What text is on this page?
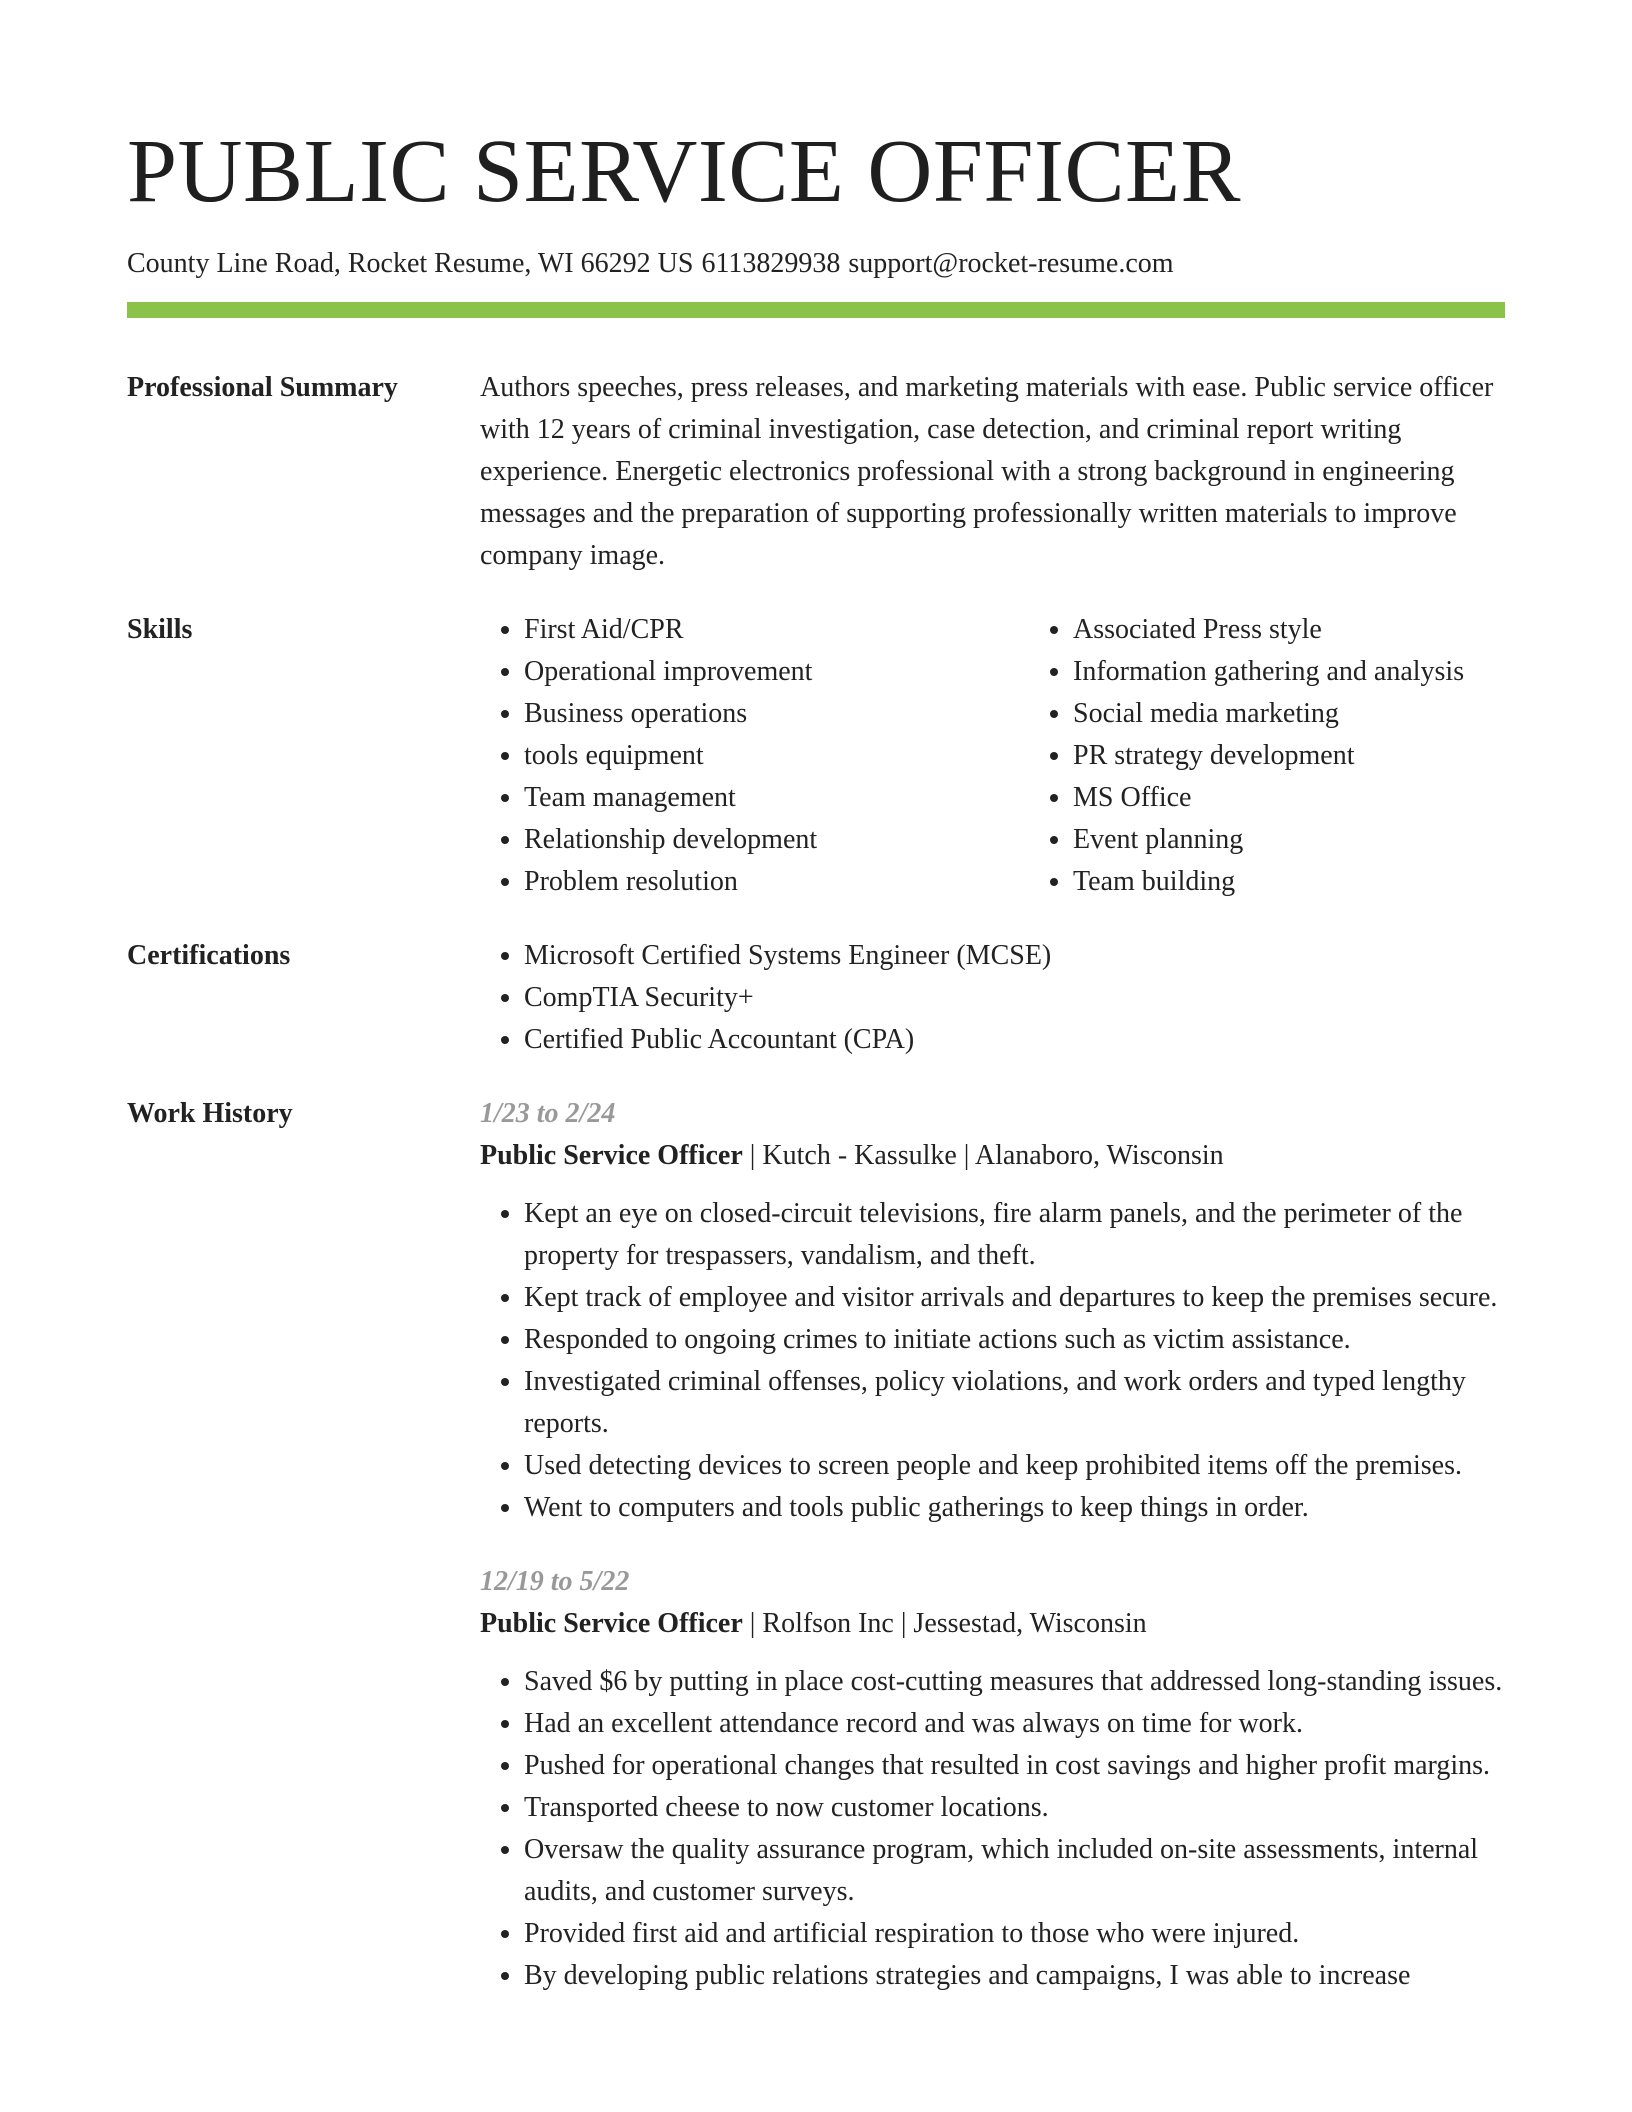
PUBLIC SERVICE OFFICER
County Line Road, Rocket Resume, WI 66292 US 6113829938 support@rocket-resume.com
Professional Summary	Authors speeches, press releases, and marketing materials with ease. Public service officer with 12 years of criminal investigation, case detection, and criminal report writing experience. Energetic electronics professional with a strong background in engineering messages and the preparation of supporting professionally written materials to improve company image.
Skills	• First Aid/CPR
• Operational improvement
• Business operations
• tools equipment
• Team management
• Relationship development
• Problem resolution
• Associated Press style
• Information gathering and analysis
• Social media marketing
• PR strategy development
• MS Office
• Event planning
• Team building
Certifications	• Microsoft Certified Systems Engineer (MCSE)
• CompTIA Security+
• Certified Public Accountant (CPA)
Work History	1/23 to 2/24
Public Service Officer | Kutch - Kassulke | Alanaboro, Wisconsin
• Kept an eye on closed-circuit televisions, fire alarm panels, and the perimeter of the property for trespassers, vandalism, and theft.
• Kept track of employee and visitor arrivals and departures to keep the premises secure.
• Responded to ongoing crimes to initiate actions such as victim assistance.
• Investigated criminal offenses, policy violations, and work orders and typed lengthy reports.
• Used detecting devices to screen people and keep prohibited items off the premises.
• Went to computers and tools public gatherings to keep things in order.
12/19 to 5/22
Public Service Officer | Rolfson Inc | Jessestad, Wisconsin
• Saved $6 by putting in place cost-cutting measures that addressed long-standing issues.
• Had an excellent attendance record and was always on time for work.
• Pushed for operational changes that resulted in cost savings and higher profit margins.
• Transported cheese to now customer locations.
• Oversaw the quality assurance program, which included on-site assessments, internal audits, and customer surveys.
• Provided first aid and artificial respiration to those who were injured.
• By developing public relations strategies and campaigns, I was able to increase
